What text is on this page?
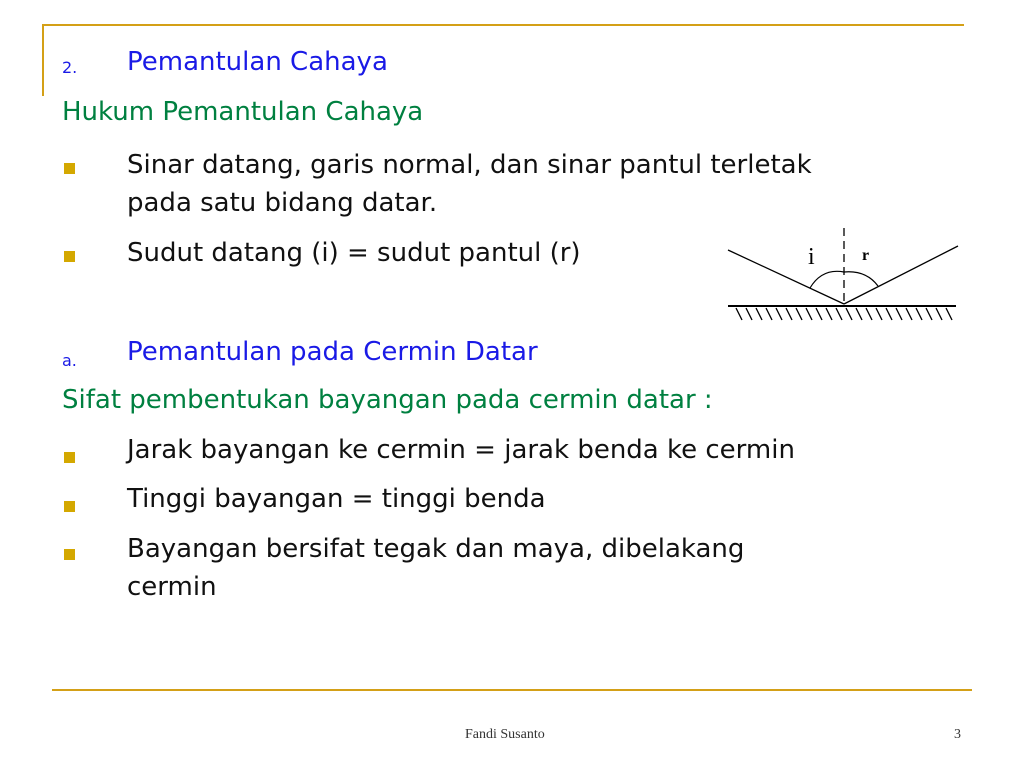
2. Pemantulan Cahaya
Hukum Pemantulan Cahaya
Sinar datang, garis normal, dan sinar pantul terletak
pada satu bidang datar.
Sudut datang (i) = sudut pantul (r)	i	r
a. Pemantulan pada Cermin Datar
Sifat pembentukan bayangan pada cermin datar :
Jarak bayangan ke cermin = jarak benda ke cermin
Tinggi bayangan = tinggi benda
Bayangan bersifat tegak dan maya, dibelakang
cermin
Fandi Susanto	3
